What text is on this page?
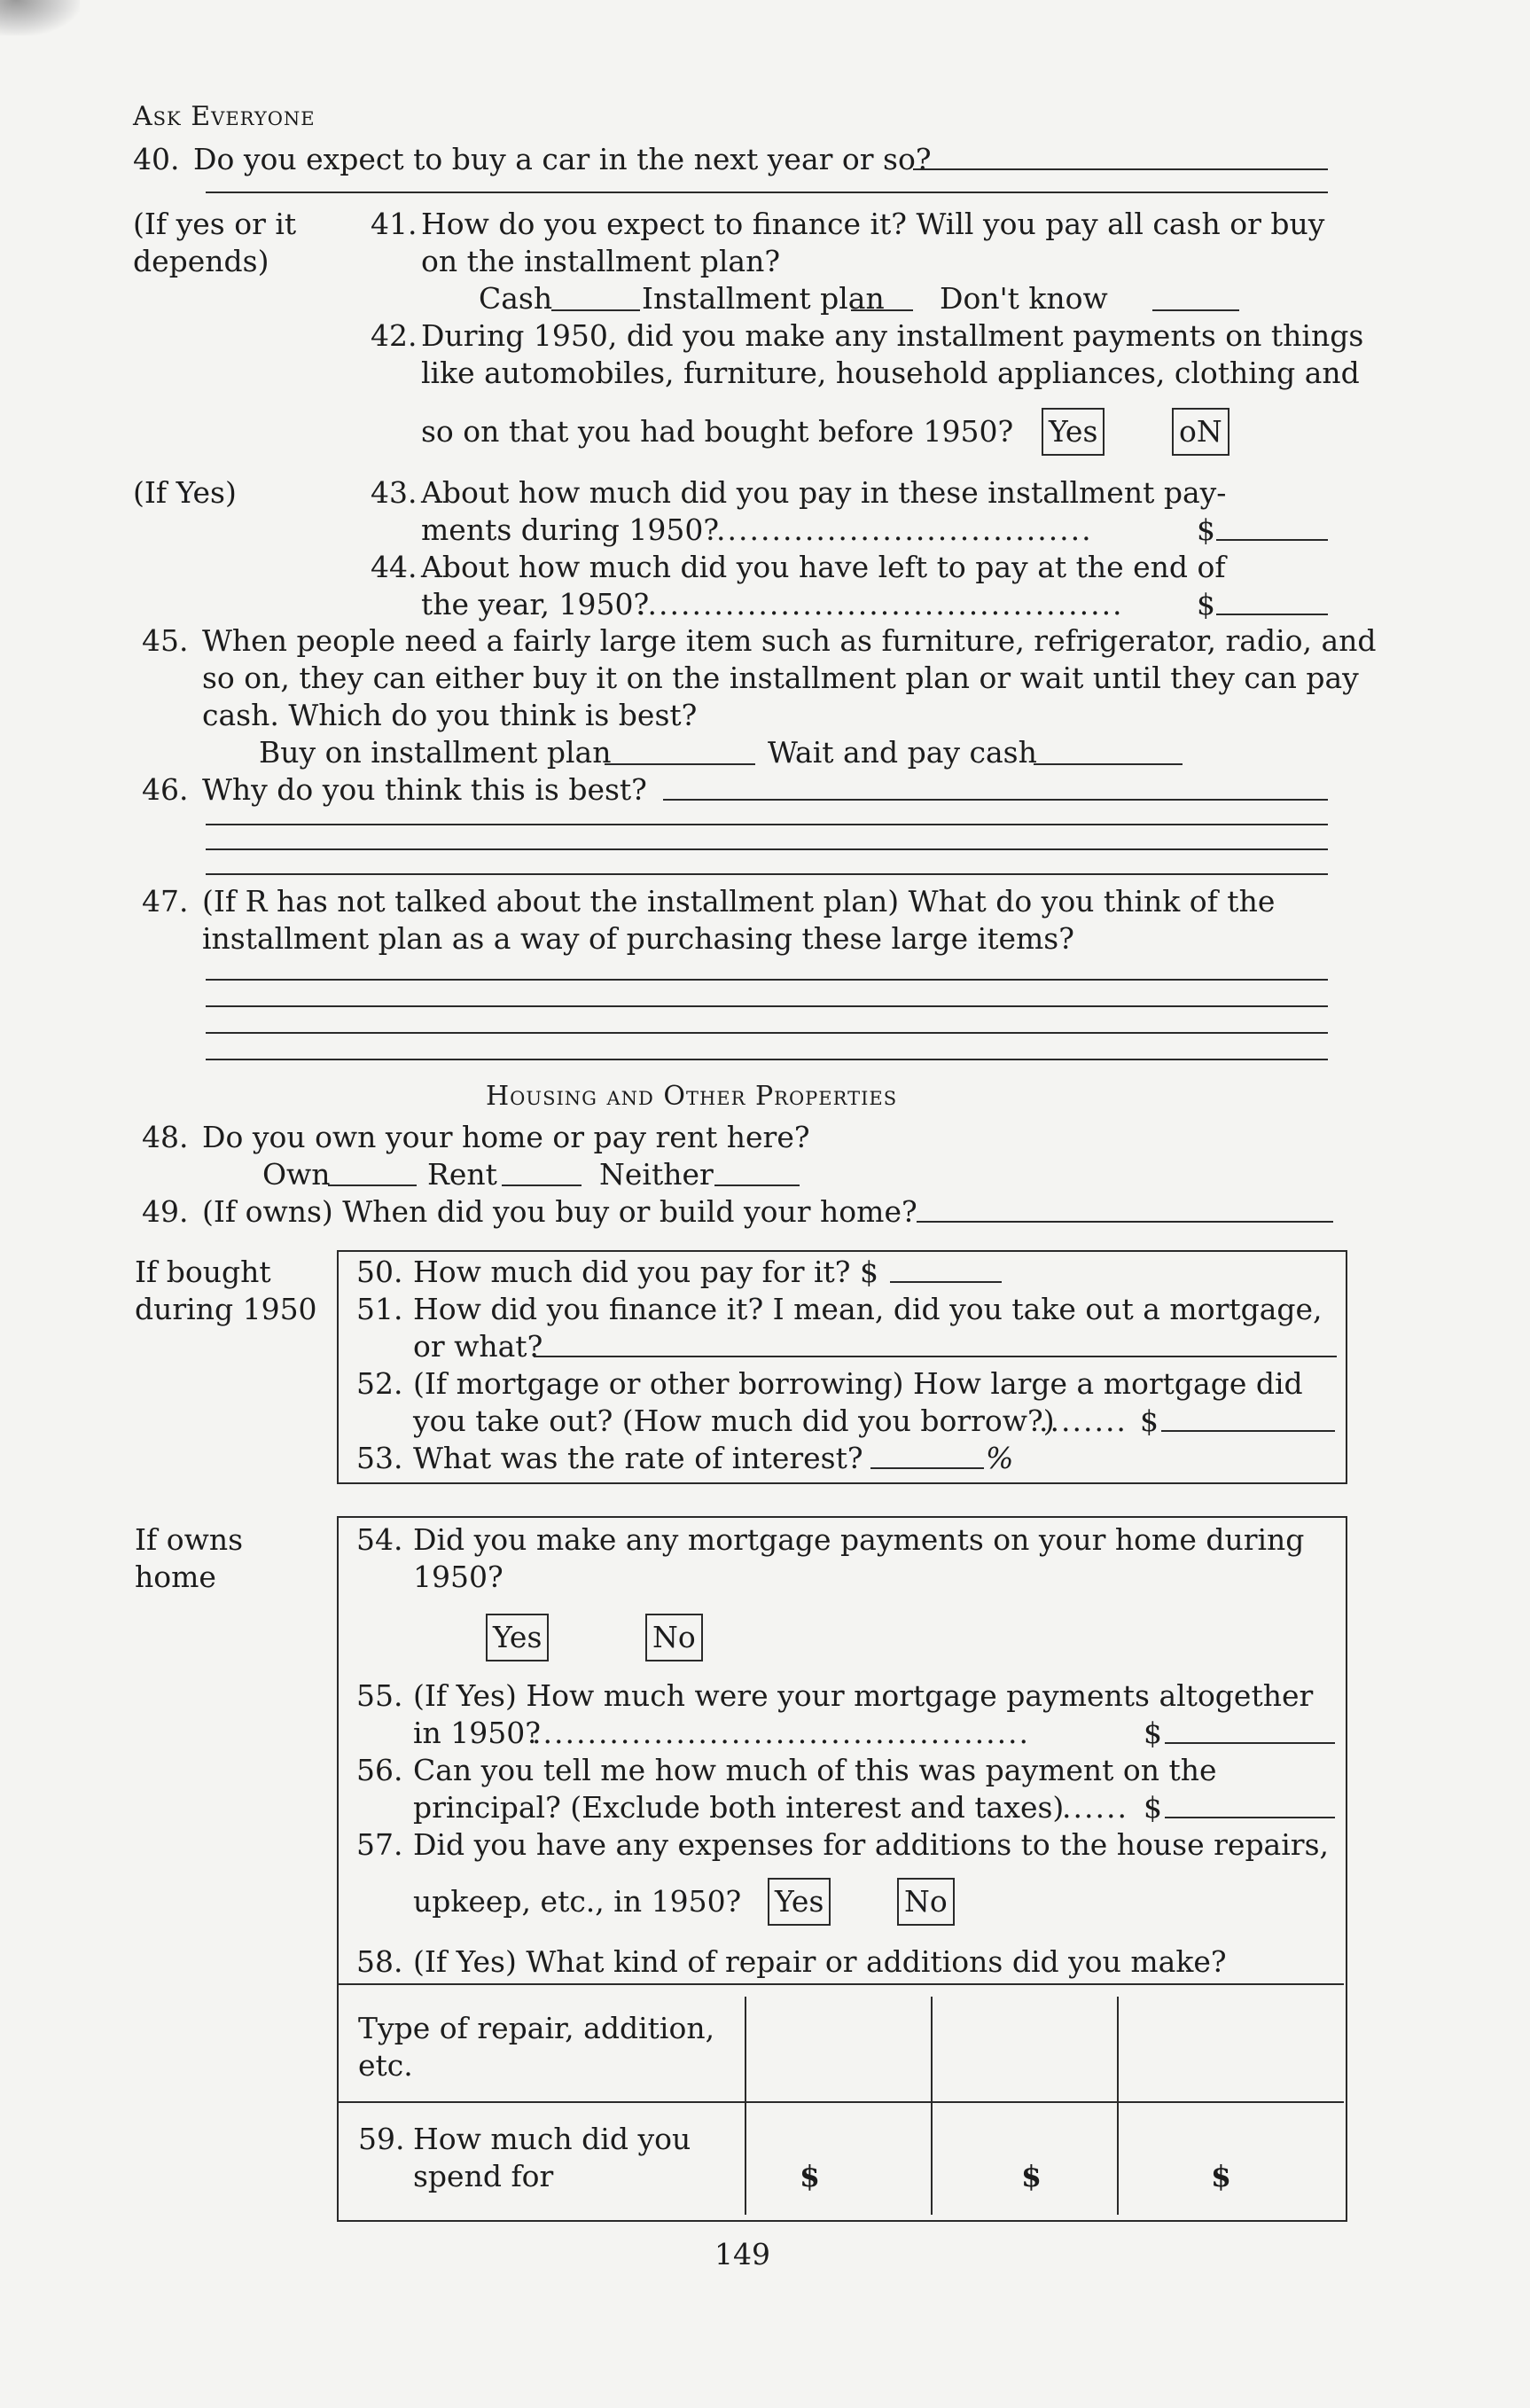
Ask Everyone
40. Do you expect to buy a car in the next year or so?
(If yes or it
depends)
41. How do you expect to finance it? Will you pay all cash or buy
on the installment plan?
Cash	Installment plan Don't know
42. During 1950, did you make any installment payments on things
like automobiles, furniture, household appliances, clothing and
so on that you had bought before 1950? Yes	oN
(If Yes)	43. About how much did you pay in these installment pay-
ments during 1950?
..................................	$
44. About how much did you have left to pay at the end of
the year, 1950?
............................................ $
45. When people need a fairly large item such as furniture, refrigerator, radio, and
so on, they can either buy it on the installment plan or wait until they can pay
cash. Which do you think is best?
Buy on installment plan	Wait and pay cash
46. Why do you think this is best?
47. (If R has not talked about the installment plan) What do you think of the
installment plan as a way of purchasing these large items?
Housing and Other Properties
48. Do you own your home or pay rent here?
Own	Rent	Neither
49. (If owns) When did you buy or build your home?
If bought
during 1950
50. How much did you pay for it? $
51. How did you finance it? I mean, did you take out a mortgage,
or what?
52. (If mortgage or other borrowing) How large a mortgage did
you take out? (How much did you borrow?)
........ $
53. What was the rate of interest?	%
If owns
home
54. Did you make any mortgage payments on your home during
1950?
Yes	No
55. (If Yes) How much were your mortgage payments altogether
in 1950?
.............................................	$
56. Can you tell me how much of this was payment on the
principal? (Exclude both interest and taxes)
...... $
57. Did you have any expenses for additions to the house repairs,
upkeep, etc., in 1950? Yes	No
58. (If Yes) What kind of repair or additions did you make?
Type of repair, addition,
etc.
59. How much did you
spend for	$	$	$
149
